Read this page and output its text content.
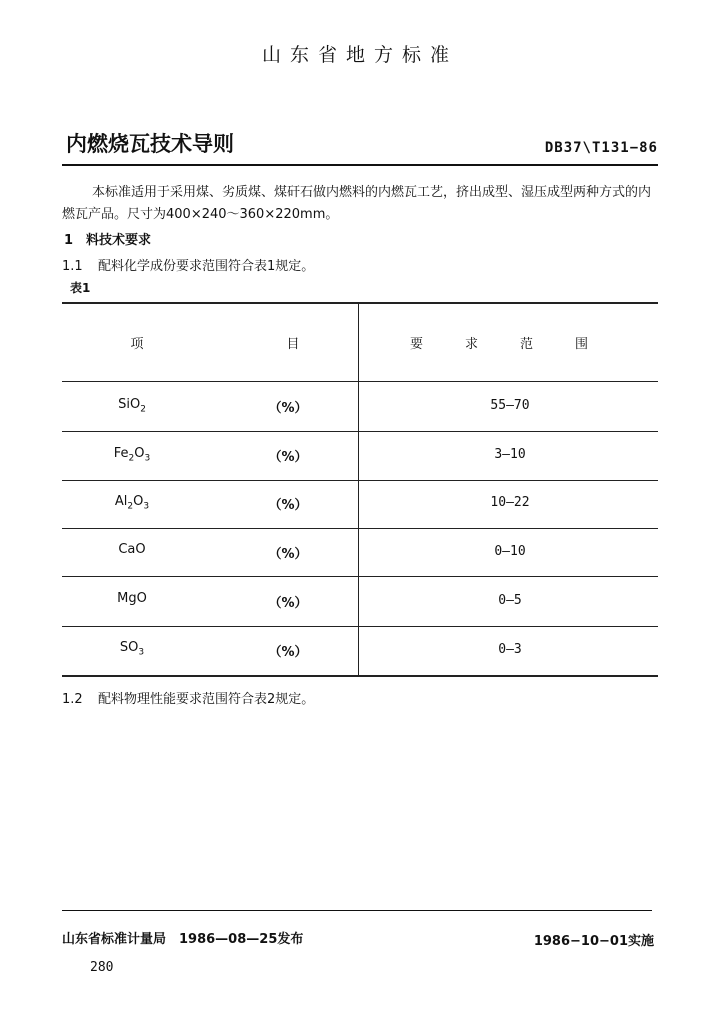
山东省地方标准
内燃烧瓦技术导则	DB37\T131−86
本标准适用于采用煤、劣质煤、煤矸石做内燃料的内燃瓦工艺，挤出成型、湿压成型两种方式的内燃瓦产品。尺寸为400×240～360×220mm。
1 料技术要求
1.1 配料化学成份要求范围符合表1规定。
表1
项	目	要求范围
SiO$_2$	（%）	55—70
$Fe_2O_3$	（%）	3—10
$Al_2O_3$	（%）	10—22
CaO	（%）	0—10
MgO	（%）	0—5
$SO_3$	（%）	0—3
1.2 配料物理性能要求范围符合表2规定。
山东省标准计量局　1986—08—25发布	1986−10−01实施
280
